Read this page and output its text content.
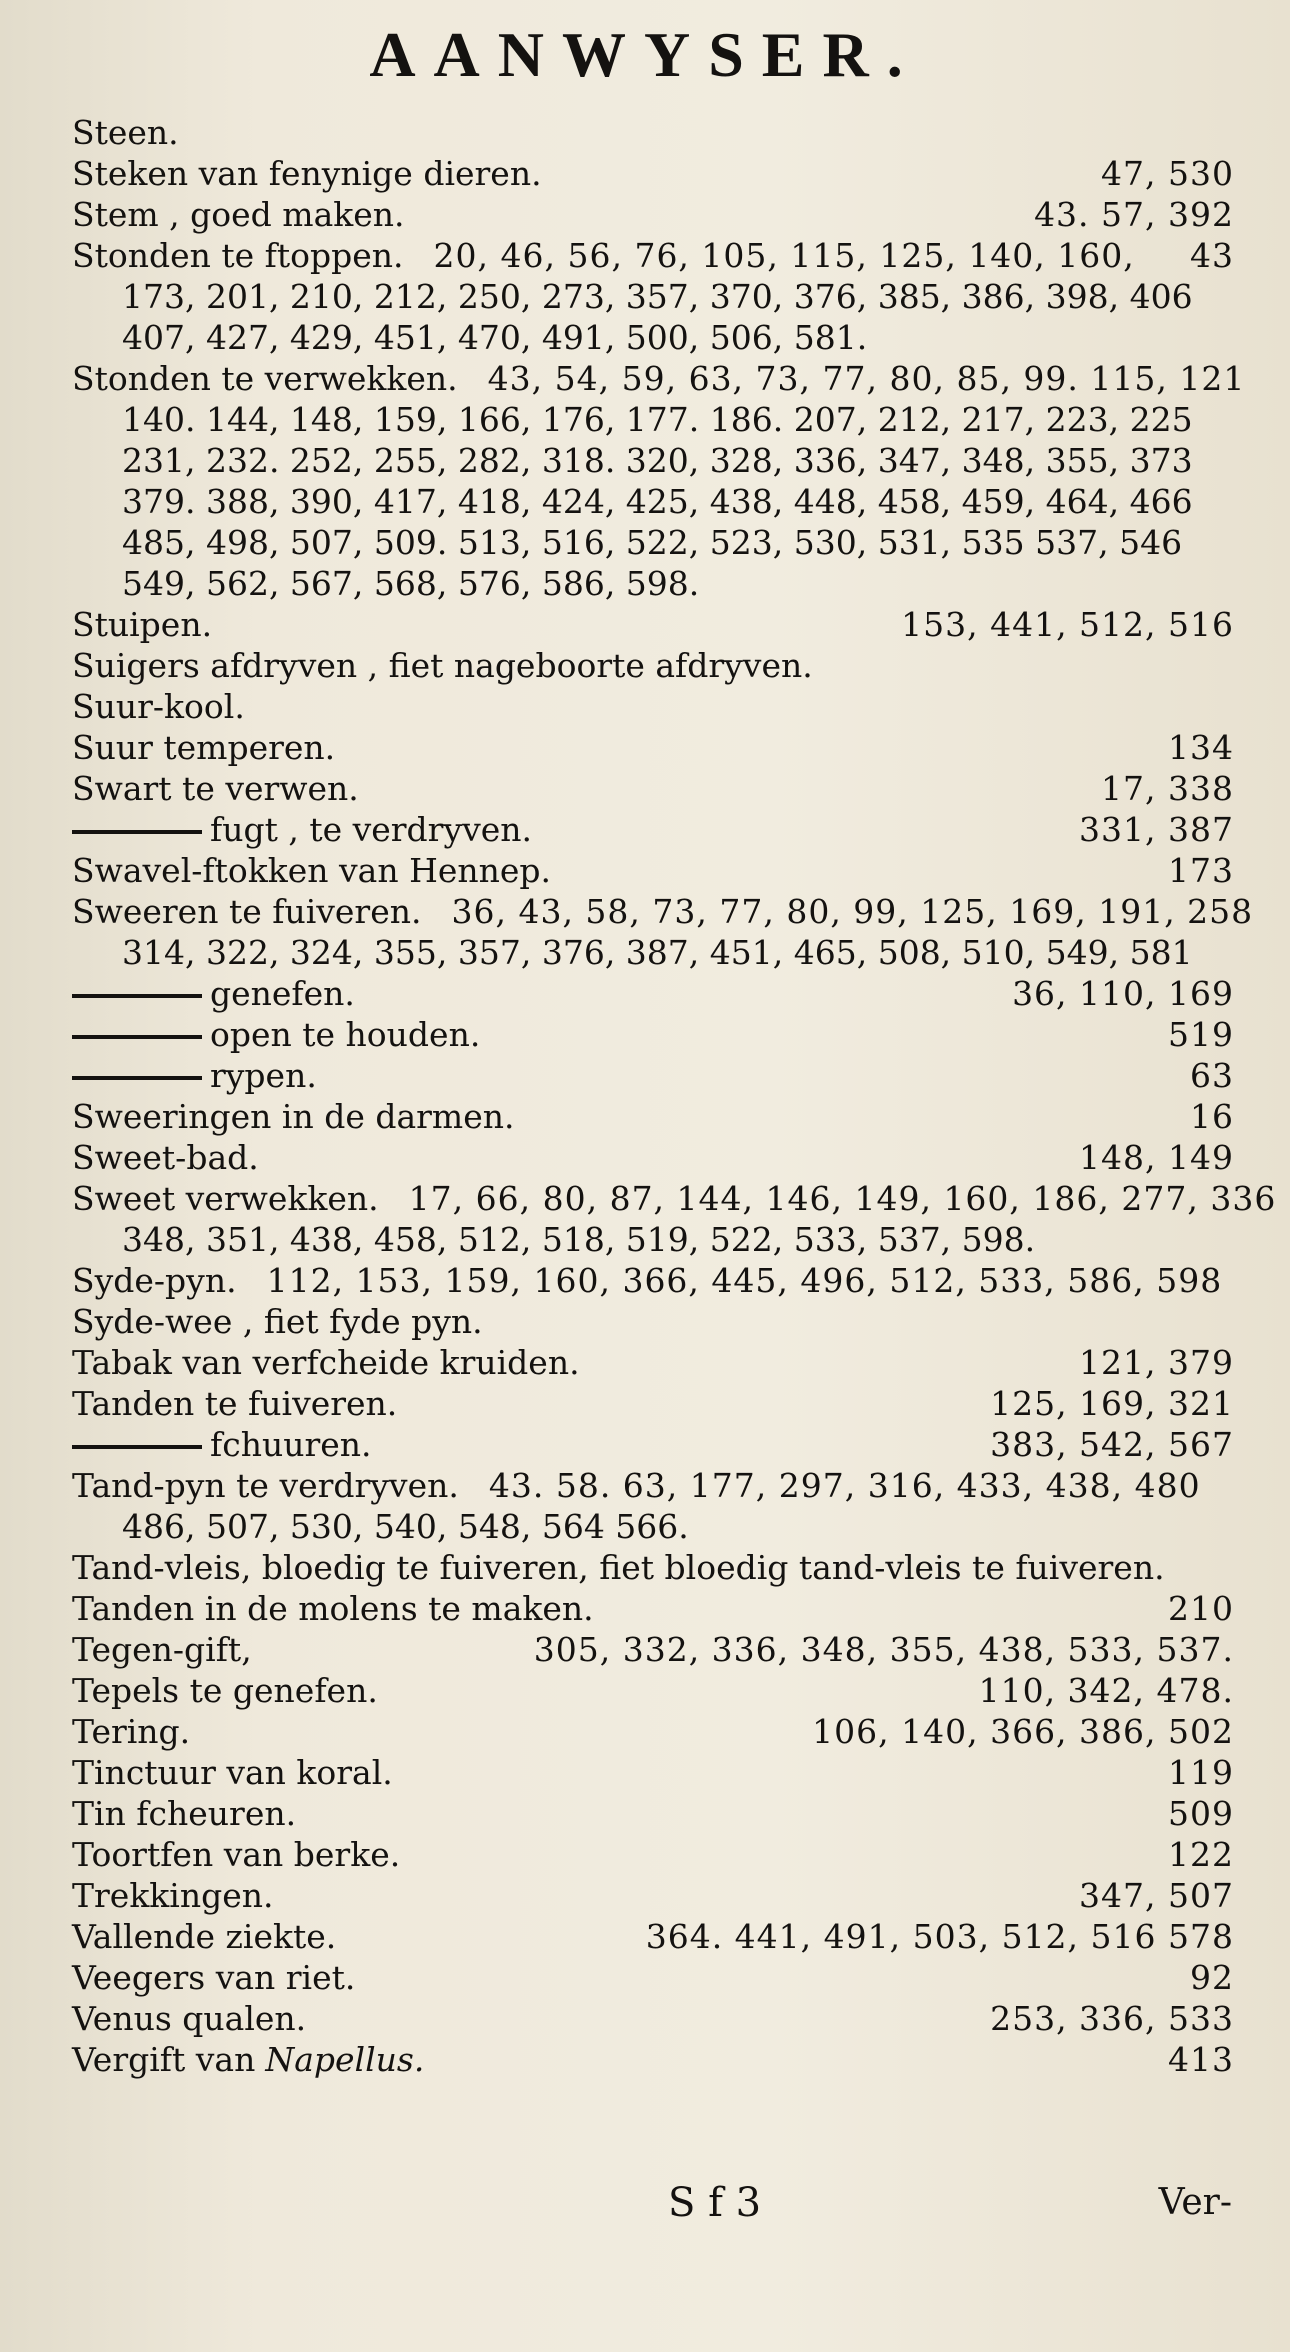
AANWYSER.
Steen.
Steken van fenynige dieren.	47, 530
Stem , goed maken.	43. 57, 392
Stonden te ftoppen. 20, 46, 56, 76, 105, 115, 125, 140, 160, 43
173, 201, 210, 212, 250, 273, 357, 370, 376, 385, 386, 398, 406
407, 427, 429, 451, 470, 491, 500, 506, 581.
Stonden te verwekken. 43, 54, 59, 63, 73, 77, 80, 85, 99. 115, 121
140. 144, 148, 159, 166, 176, 177. 186. 207, 212, 217, 223, 225
231, 232. 252, 255, 282, 318. 320, 328, 336, 347, 348, 355, 373
379. 388, 390, 417, 418, 424, 425, 438, 448, 458, 459, 464, 466
485, 498, 507, 509. 513, 516, 522, 523, 530, 531, 535 537, 546
549, 562, 567, 568, 576, 586, 598.
Stuipen.	153, 441, 512, 516
Suigers afdryven , fiet nageboorte afdryven.
Suur-kool.
Suur temperen.	134
Swart te verwen.	17, 338
fugt , te verdryven.	331, 387
Swavel-ftokken van Hennep.	173
Sweeren te fuiveren. 36, 43, 58, 73, 77, 80, 99, 125, 169, 191, 258
314, 322, 324, 355, 357, 376, 387, 451, 465, 508, 510, 549, 581
genefen.	36, 110, 169
open te houden.	519
rypen.	63
Sweeringen in de darmen.	16
Sweet-bad.	148, 149
Sweet verwekken. 17, 66, 80, 87, 144, 146, 149, 160, 186, 277, 336
348, 351, 438, 458, 512, 518, 519, 522, 533, 537, 598.
Syde-pyn. 112, 153, 159, 160, 366, 445, 496, 512, 533, 586, 598
Syde-wee , fiet fyde pyn.
Tabak van verfcheide kruiden.	121, 379
Tanden te fuiveren.	125, 169, 321
fchuuren.	383, 542, 567
Tand-pyn te verdryven. 43. 58. 63, 177, 297, 316, 433, 438, 480
486, 507, 530, 540, 548, 564 566.
Tand-vleis, bloedig te fuiveren, fiet bloedig tand-vleis te fuiveren.
Tanden in de molens te maken.	210
Tegen-gift,	305, 332, 336, 348, 355, 438, 533, 537.
Tepels te genefen.	110, 342, 478.
Tering.	106, 140, 366, 386, 502
Tinctuur van koral.	119
Tin fcheuren.	509
Toortfen van berke.	122
Trekkingen.	347, 507
Vallende ziekte.	364. 441, 491, 503, 512, 516 578
Veegers van riet.	92
Venus qualen.	253, 336, 533
Vergift van Napellus.	413
S f 3	Ver-
